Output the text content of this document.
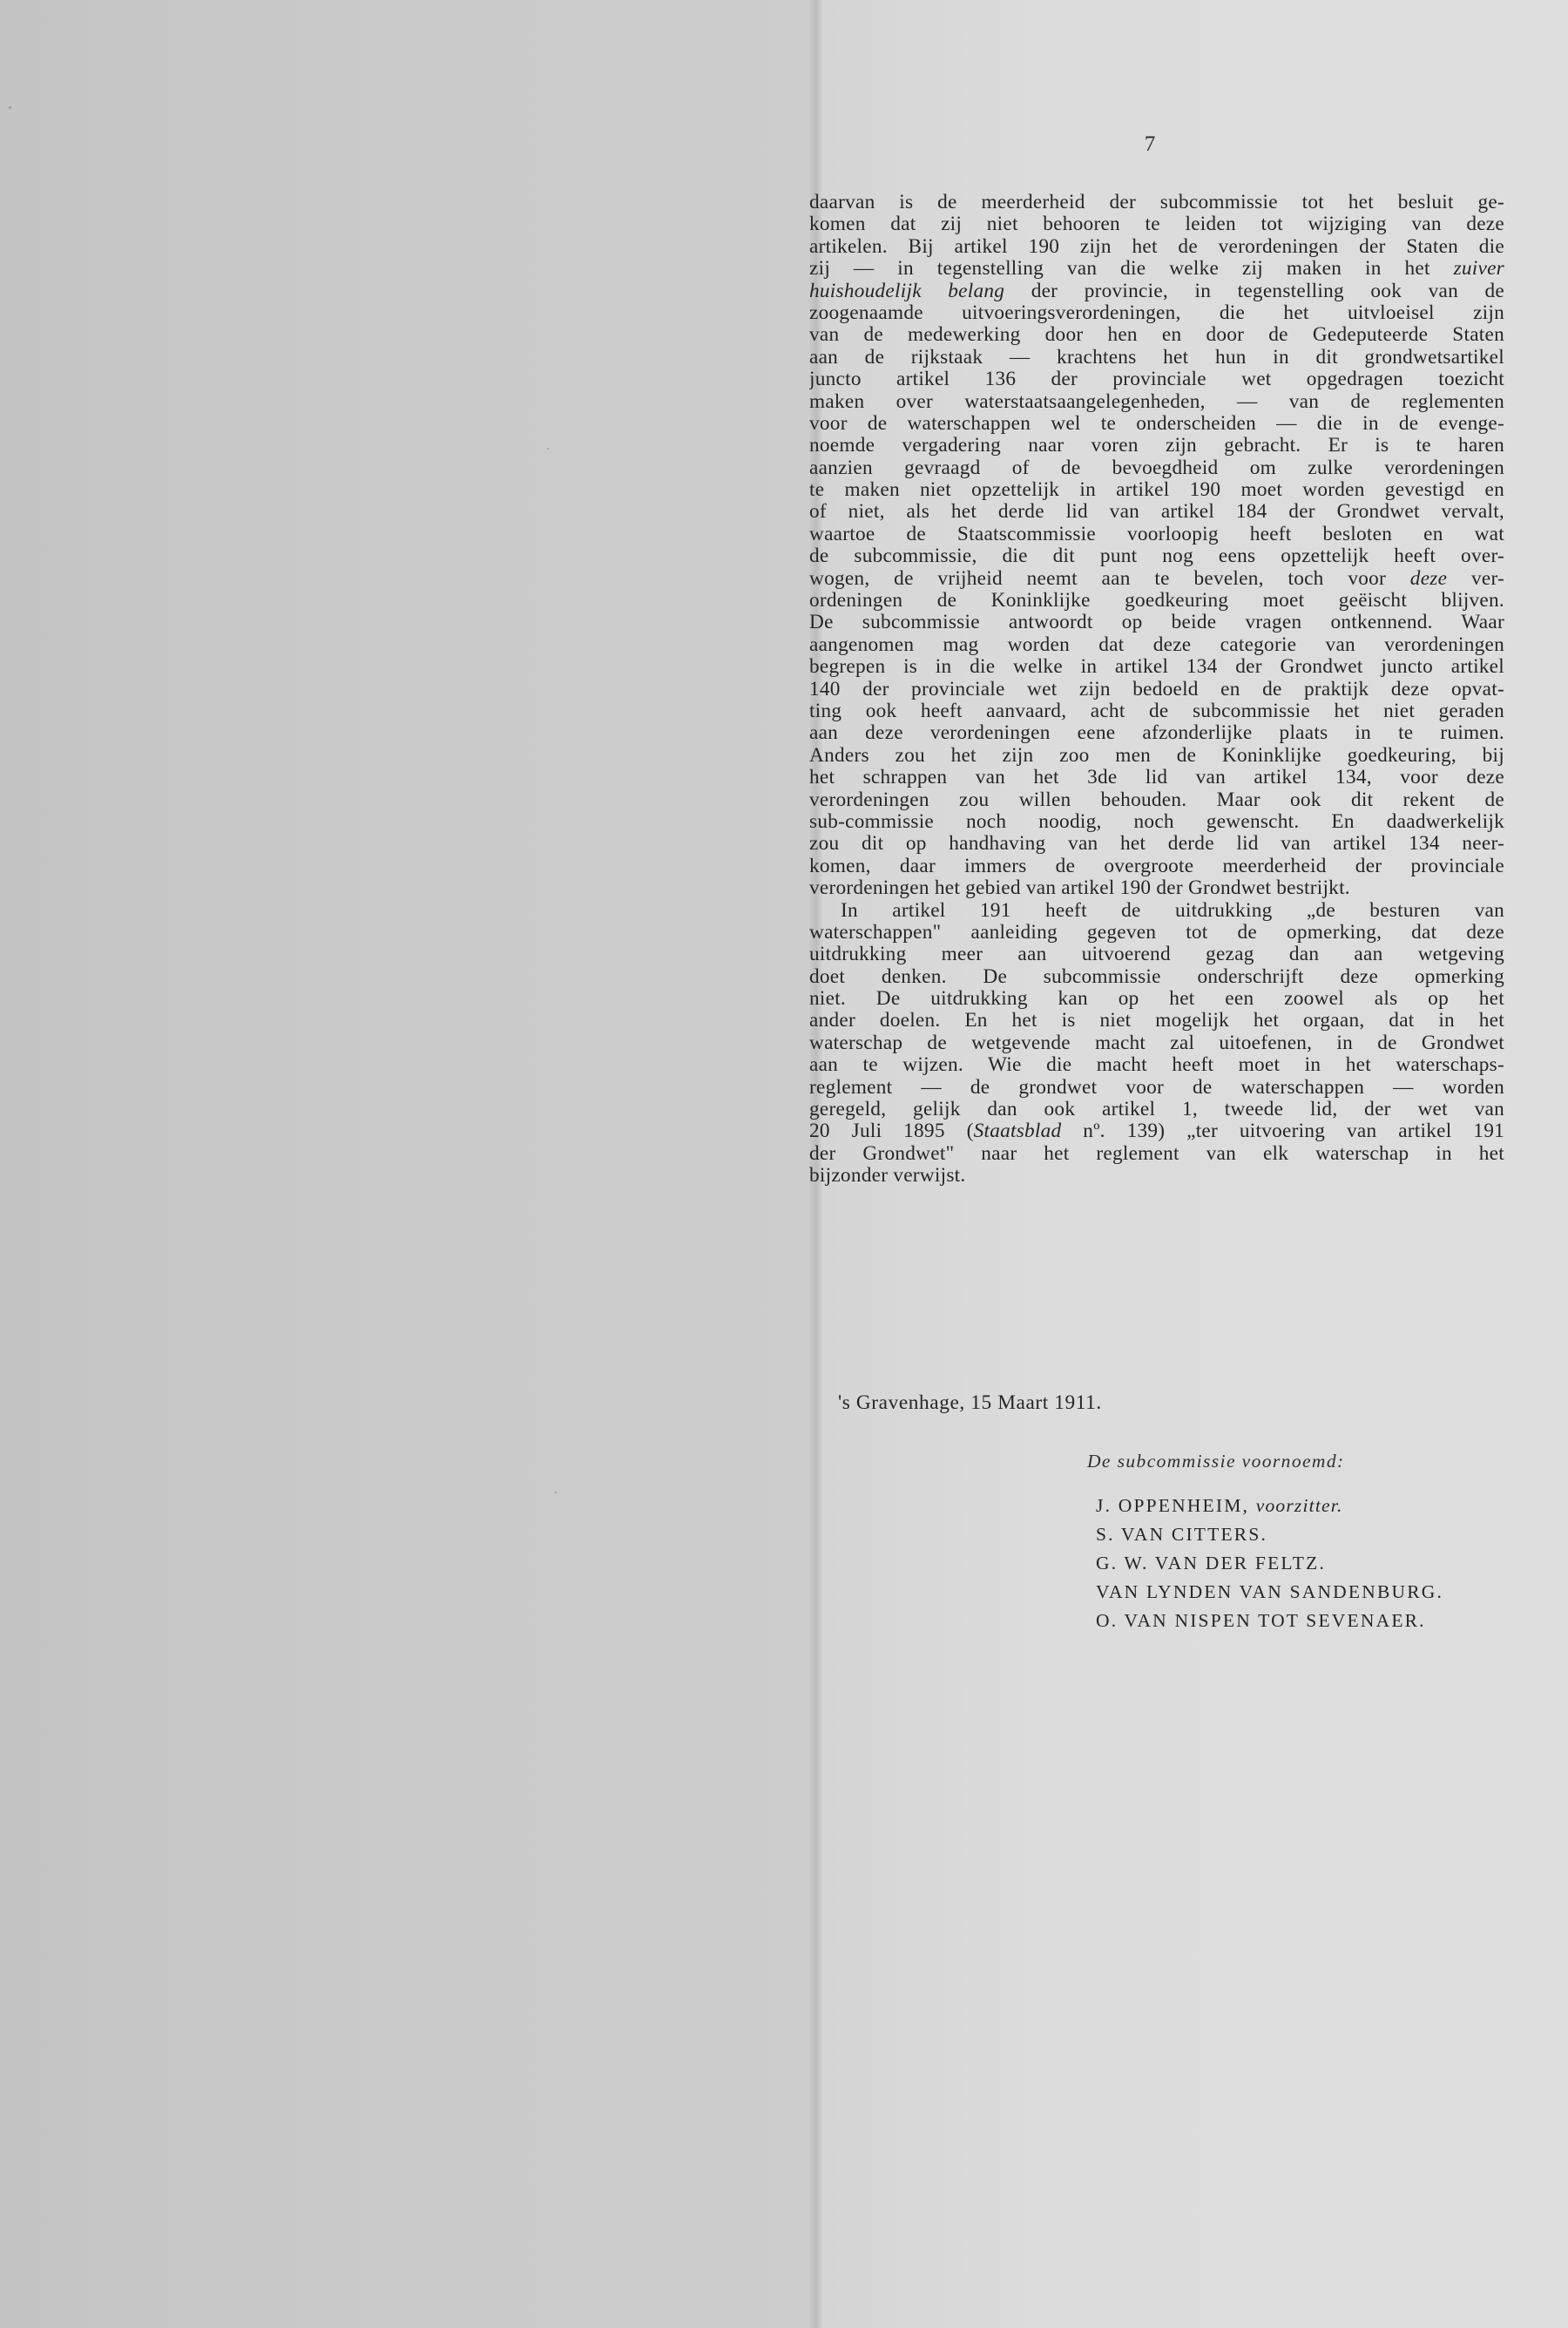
7
daarvan is de meerderheid der subcommissie tot het besluit ge-
komen dat zij niet behooren te leiden tot wijziging van deze
artikelen. Bij artikel 190 zijn het de verordeningen der Staten die
zij — in tegenstelling van die welke zij maken in het zuiver
huishoudelijk belang der provincie, in tegenstelling ook van de
zoogenaamde uitvoeringsverordeningen, die het uitvloeisel zijn
van de medewerking door hen en door de Gedeputeerde Staten
aan de rijkstaak — krachtens het hun in dit grondwetsartikel
juncto artikel 136 der provinciale wet opgedragen toezicht
maken over waterstaatsaangelegenheden, — van de reglementen
voor de waterschappen wel te onderscheiden — die in de evenge-
noemde vergadering naar voren zijn gebracht. Er is te haren
aanzien gevraagd of de bevoegdheid om zulke verordeningen
te maken niet opzettelijk in artikel 190 moet worden gevestigd en
of niet, als het derde lid van artikel 184 der Grondwet vervalt,
waartoe de Staatscommissie voorloopig heeft besloten en wat
de subcommissie, die dit punt nog eens opzettelijk heeft over-
wogen, de vrijheid neemt aan te bevelen, toch voor deze ver-
ordeningen de Koninklijke goedkeuring moet geëischt blijven.
De subcommissie antwoordt op beide vragen ontkennend. Waar
aangenomen mag worden dat deze categorie van verordeningen
begrepen is in die welke in artikel 134 der Grondwet juncto artikel
140 der provinciale wet zijn bedoeld en de praktijk deze opvat-
ting ook heeft aanvaard, acht de subcommissie het niet geraden
aan deze verordeningen eene afzonderlijke plaats in te ruimen.
Anders zou het zijn zoo men de Koninklijke goedkeuring, bij
het schrappen van het 3de lid van artikel 134, voor deze
verordeningen zou willen behouden. Maar ook dit rekent de
sub-commissie noch noodig, noch gewenscht. En daadwerkelijk
zou dit op handhaving van het derde lid van artikel 134 neer-
komen, daar immers de overgroote meerderheid der provinciale
verordeningen het gebied van artikel 190 der Grondwet bestrijkt.
In artikel 191 heeft de uitdrukking „de besturen van
waterschappen" aanleiding gegeven tot de opmerking, dat deze
uitdrukking meer aan uitvoerend gezag dan aan wetgeving
doet denken. De subcommissie onderschrijft deze opmerking
niet. De uitdrukking kan op het een zoowel als op het
ander doelen. En het is niet mogelijk het orgaan, dat in het
waterschap de wetgevende macht zal uitoefenen, in de Grondwet
aan te wijzen. Wie die macht heeft moet in het waterschaps-
reglement — de grondwet voor de waterschappen — worden
geregeld, gelijk dan ook artikel 1, tweede lid, der wet van
20 Juli 1895 (Staatsblad nº. 139) „ter uitvoering van artikel 191
der Grondwet" naar het reglement van elk waterschap in het
bijzonder verwijst.
's Gravenhage, 15 Maart 1911.
De subcommissie voornoemd:
J. OPPENHEIM, voorzitter.
S. VAN CITTERS.
G. W. VAN DER FELTZ.
VAN LYNDEN VAN SANDENBURG.
O. VAN NISPEN TOT SEVENAER.
